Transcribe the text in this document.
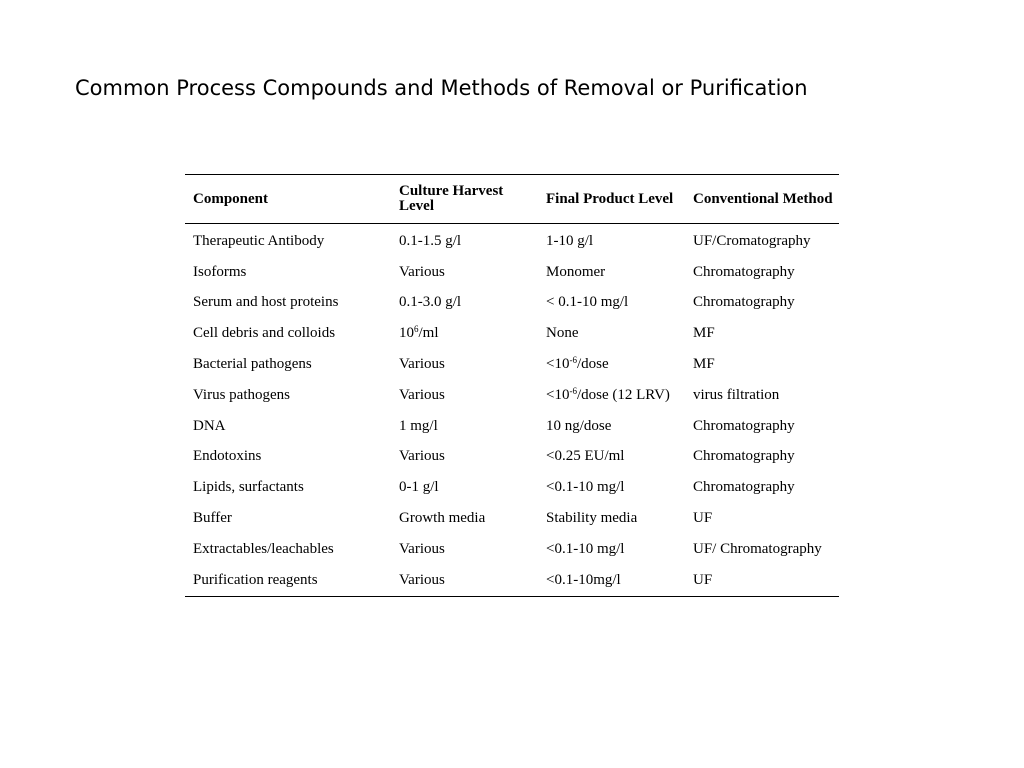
Common Process Compounds and Methods of Removal or Purification
Component	Culture Harvest Level	Final Product Level	Conventional Method
Therapeutic Antibody	0.1-1.5 g/l	1-10 g/l	UF/Cromatography
Isoforms	Various	Monomer	Chromatography
Serum and host proteins	0.1-3.0 g/l	< 0.1-10 mg/l	Chromatography
Cell debris and colloids	$10^6/ml$	None	MF
Bacterial pathogens	Various	$<10^{-6}$/dose	MF
Virus pathogens	Various	$<10^{-6}$/dose (12 LRV)	virus filtration
DNA	1 mg/l	10 ng/dose	Chromatography
Endotoxins	Various	<0.25 EU/ml	Chromatography
Lipids, surfactants	0-1 g/l	<0.1-10 mg/l	Chromatography
Buffer	Growth media	Stability media	UF
Extractables/leachables	Various	<0.1-10 mg/l	UF/ Chromatography
Purification reagents	Various	<0.1-10mg/l	UF
